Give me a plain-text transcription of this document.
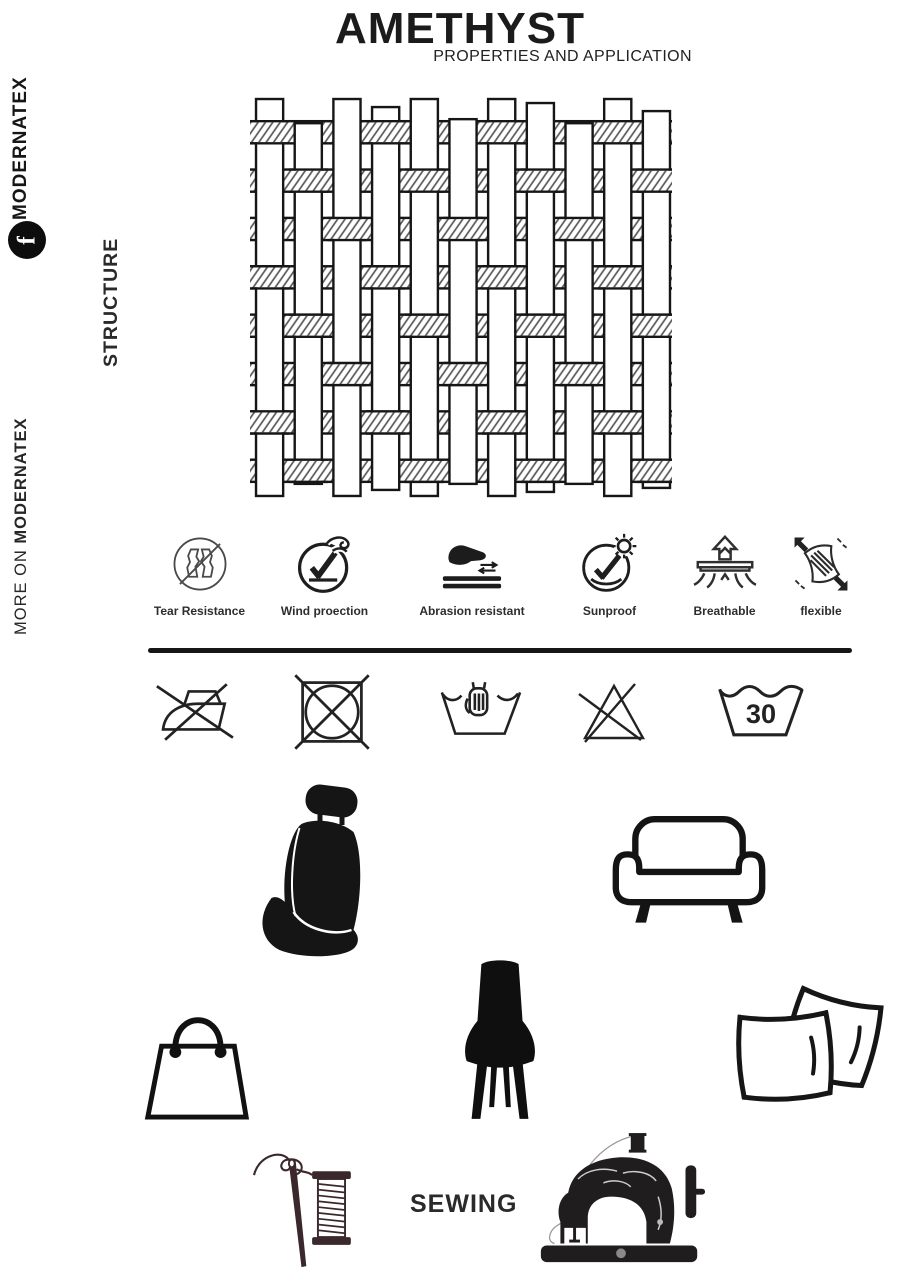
AMETHYST
PROPERTIES AND APPLICATION
MODERNATEX
f
MORE ON MODERNATEX
STRUCTURE
Tear Resistance	Wind proection	Abrasion resistant	Sunproof	Breathable	flexible
30
SEWING
